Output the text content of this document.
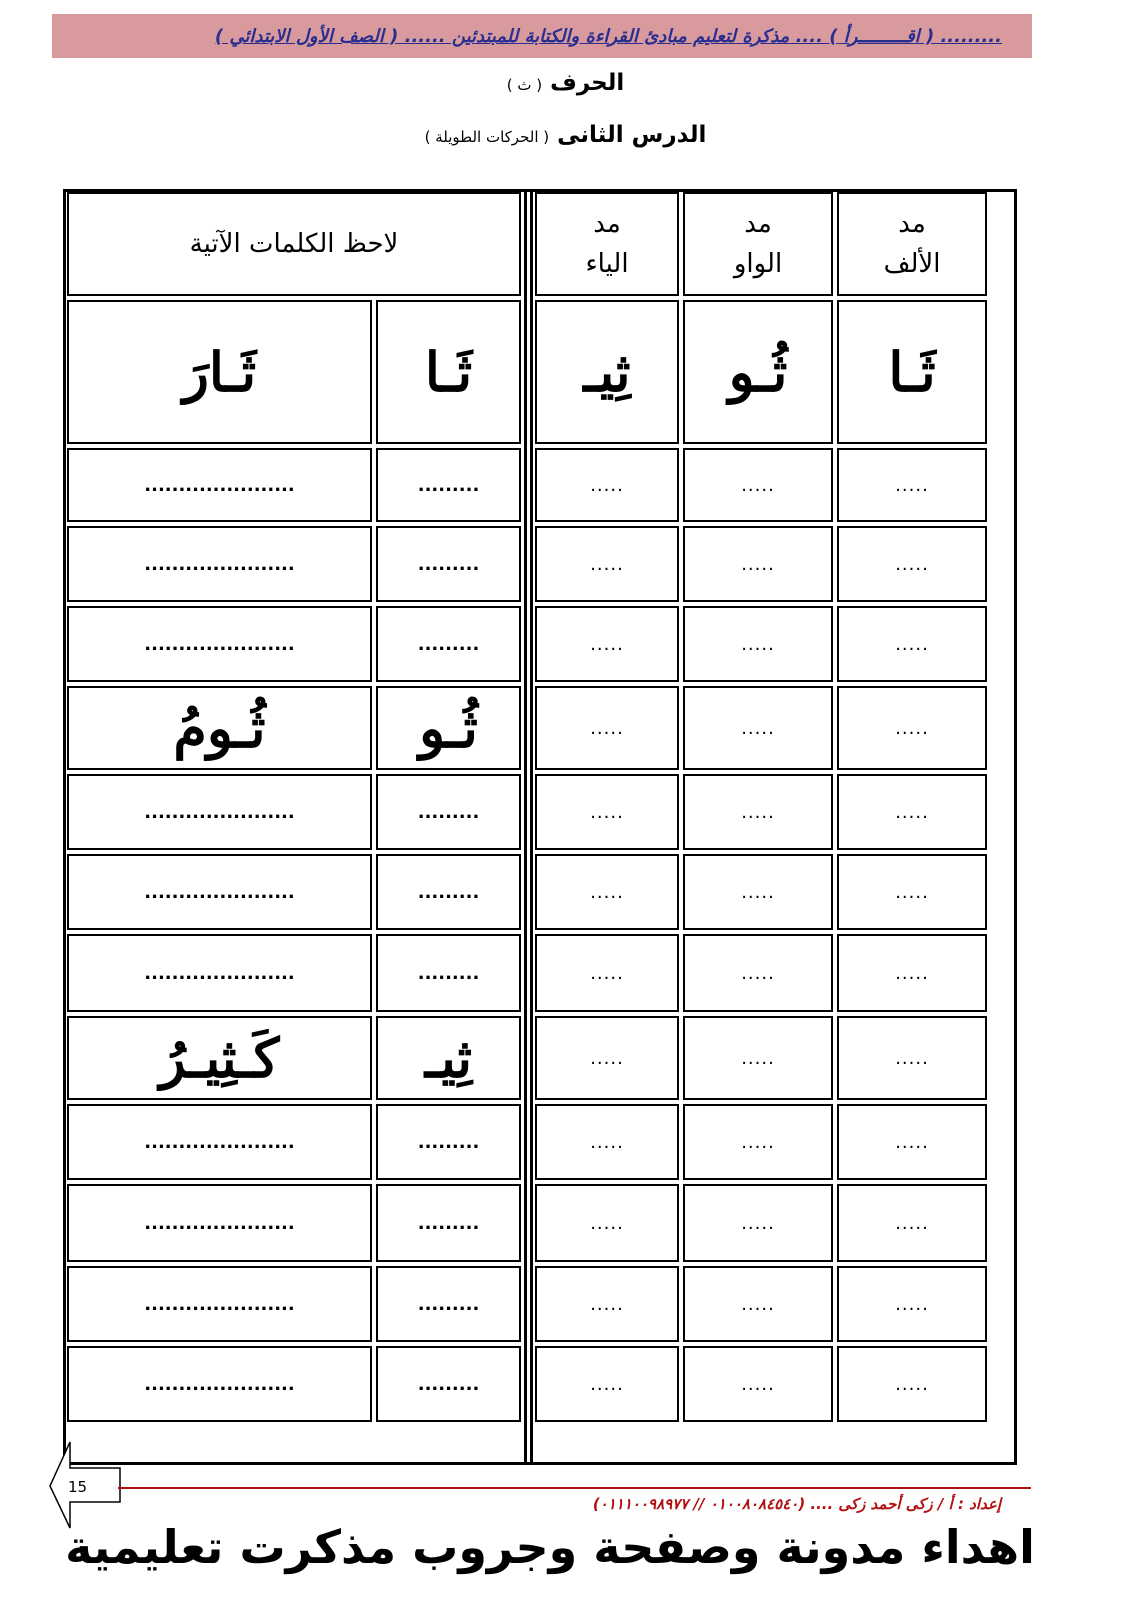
......... ( اقـــــــــرأ ) .... مذكرة لتعليم مبادئ القراءة والكتابة للمبتدئين ...... ( الصف الأول الابتدائي )
الحرف ( ث )
الدرس الثانى ( الحركات الطويلة )
مد
الألف
مد
الواو
مد
الياء
لاحظ الكلمات الآتية
ثَـا
ثُـو
ثِيـ
ثَـا
ثَـارَ
.....
.....
.....
.........
......................
.....
.....
.....
.........
......................
.....
.....
.....
.........
......................
.....
.....
.....
ثُـو
ثُـومُ
.....
.....
.....
.........
......................
.....
.....
.....
.........
......................
.....
.....
.....
.........
......................
.....
.....
.....
ثِيـ
كَـثِيـرُ
.....
.....
.....
.........
......................
.....
.....
.....
.........
......................
.....
.....
.....
.........
......................
.....
.....
.....
.........
......................
15
إعداد : أ / زكى أحمد زكى .... (٠١٠٠٨٠٨٤٥٤٠ // ٠١١١٠٠٩٨٩٧٧)
اهداء مدونة وصفحة وجروب مذكرت تعليمية
